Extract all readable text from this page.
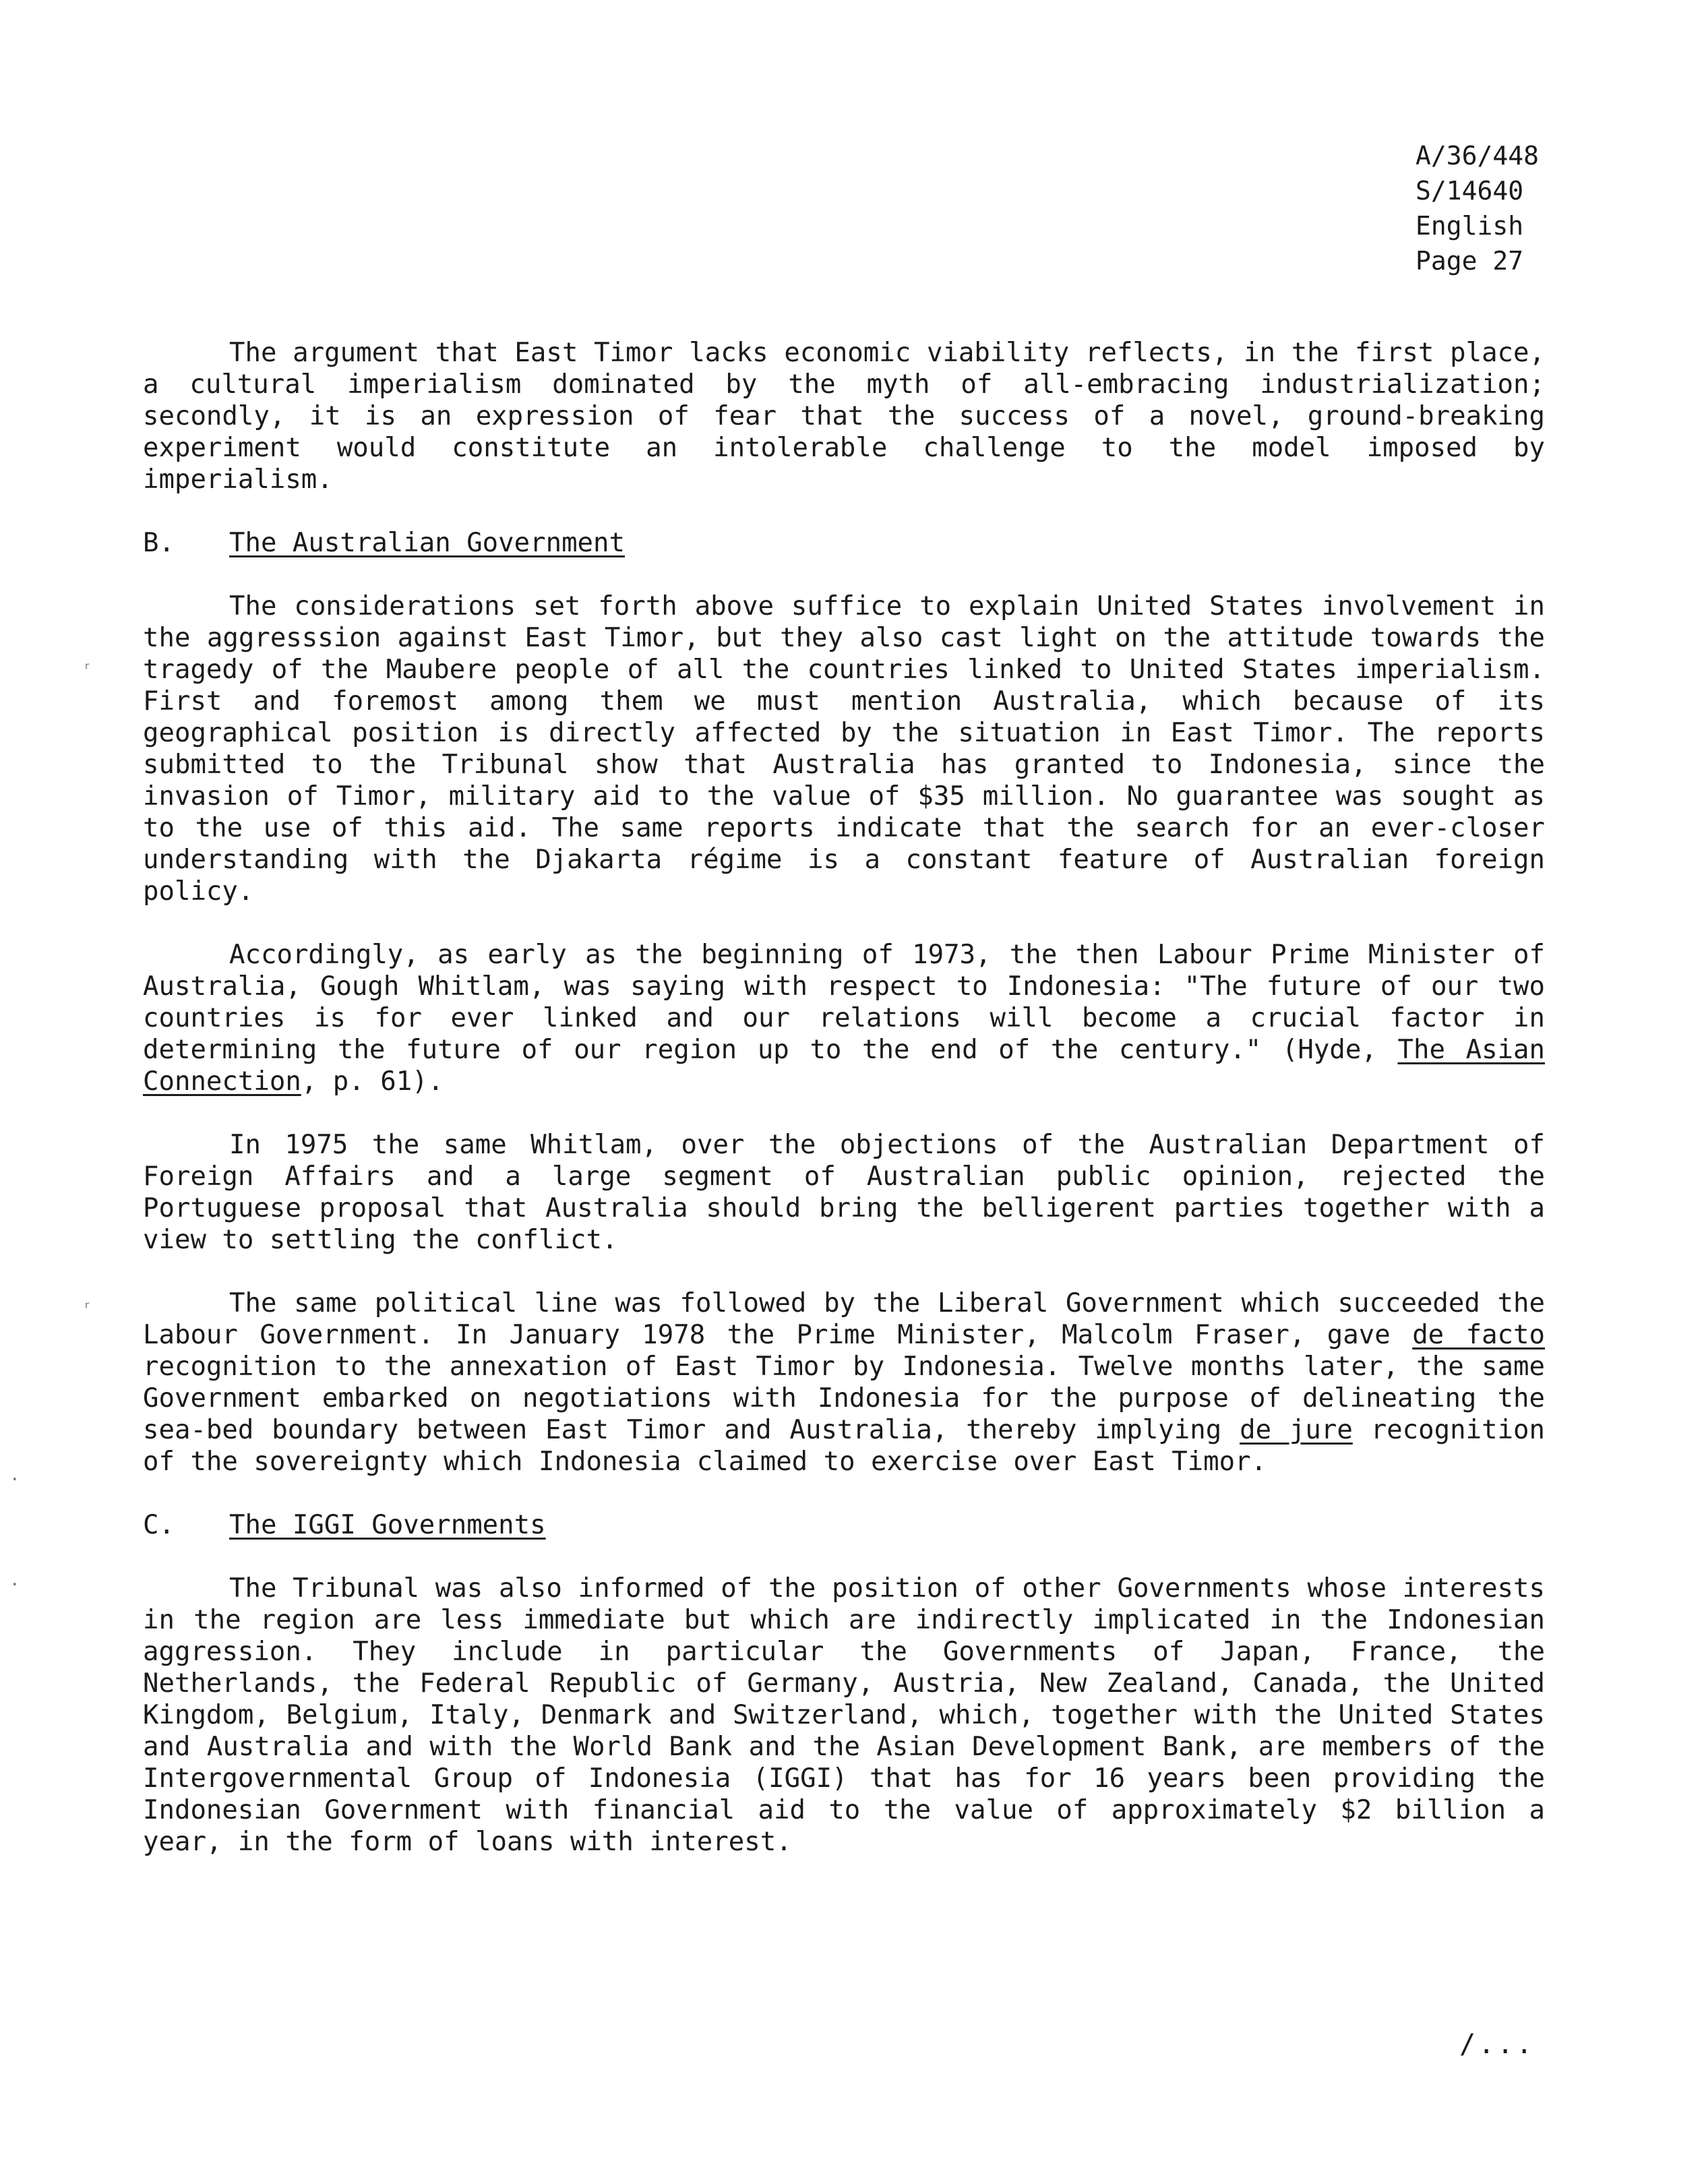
A/36/448
S/14640
English
Page 27

The argument that East Timor lacks economic viability reflects, in the first place, a cultural imperialism dominated by the myth of all-embracing industrialization; secondly, it is an expression of fear that the success of a novel, ground-breaking experiment would constitute an intolerable challenge to the model imposed by imperialism.

B. The Australian Government

The considerations set forth above suffice to explain United States involvement in the aggresssion against East Timor, but they also cast light on the attitude towards the tragedy of the Maubere people of all the countries linked to United States imperialism. First and foremost among them we must mention Australia, which because of its geographical position is directly affected by the situation in East Timor. The reports submitted to the Tribunal show that Australia has granted to Indonesia, since the invasion of Timor, military aid to the value of $35 million. No guarantee was sought as to the use of this aid. The same reports indicate that the search for an ever-closer understanding with the Djakarta régime is a constant feature of Australian foreign policy.

Accordingly, as early as the beginning of 1973, the then Labour Prime Minister of Australia, Gough Whitlam, was saying with respect to Indonesia: "The future of our two countries is for ever linked and our relations will become a crucial factor in determining the future of our region up to the end of the century." (Hyde, The Asian Connection, p. 61).

In 1975 the same Whitlam, over the objections of the Australian Department of Foreign Affairs and a large segment of Australian public opinion, rejected the Portuguese proposal that Australia should bring the belligerent parties together with a view to settling the conflict.

The same political line was followed by the Liberal Government which succeeded the Labour Government. In January 1978 the Prime Minister, Malcolm Fraser, gave de facto recognition to the annexation of East Timor by Indonesia. Twelve months later, the same Government embarked on negotiations with Indonesia for the purpose of delineating the sea-bed boundary between East Timor and Australia, thereby implying de jure recognition of the sovereignty which Indonesia claimed to exercise over East Timor.

C. The IGGI Governments

The Tribunal was also informed of the position of other Governments whose interests in the region are less immediate but which are indirectly implicated in the Indonesian aggression. They include in particular the Governments of Japan, France, the Netherlands, the Federal Republic of Germany, Austria, New Zealand, Canada, the United Kingdom, Belgium, Italy, Denmark and Switzerland, which, together with the United States and Australia and with the World Bank and the Asian Development Bank, are members of the Intergovernmental Group of Indonesia (IGGI) that has for 16 years been providing the Indonesian Government with financial aid to the value of approximately $2 billion a year, in the form of loans with interest.

/...
ʳ
ʳ
·
·
